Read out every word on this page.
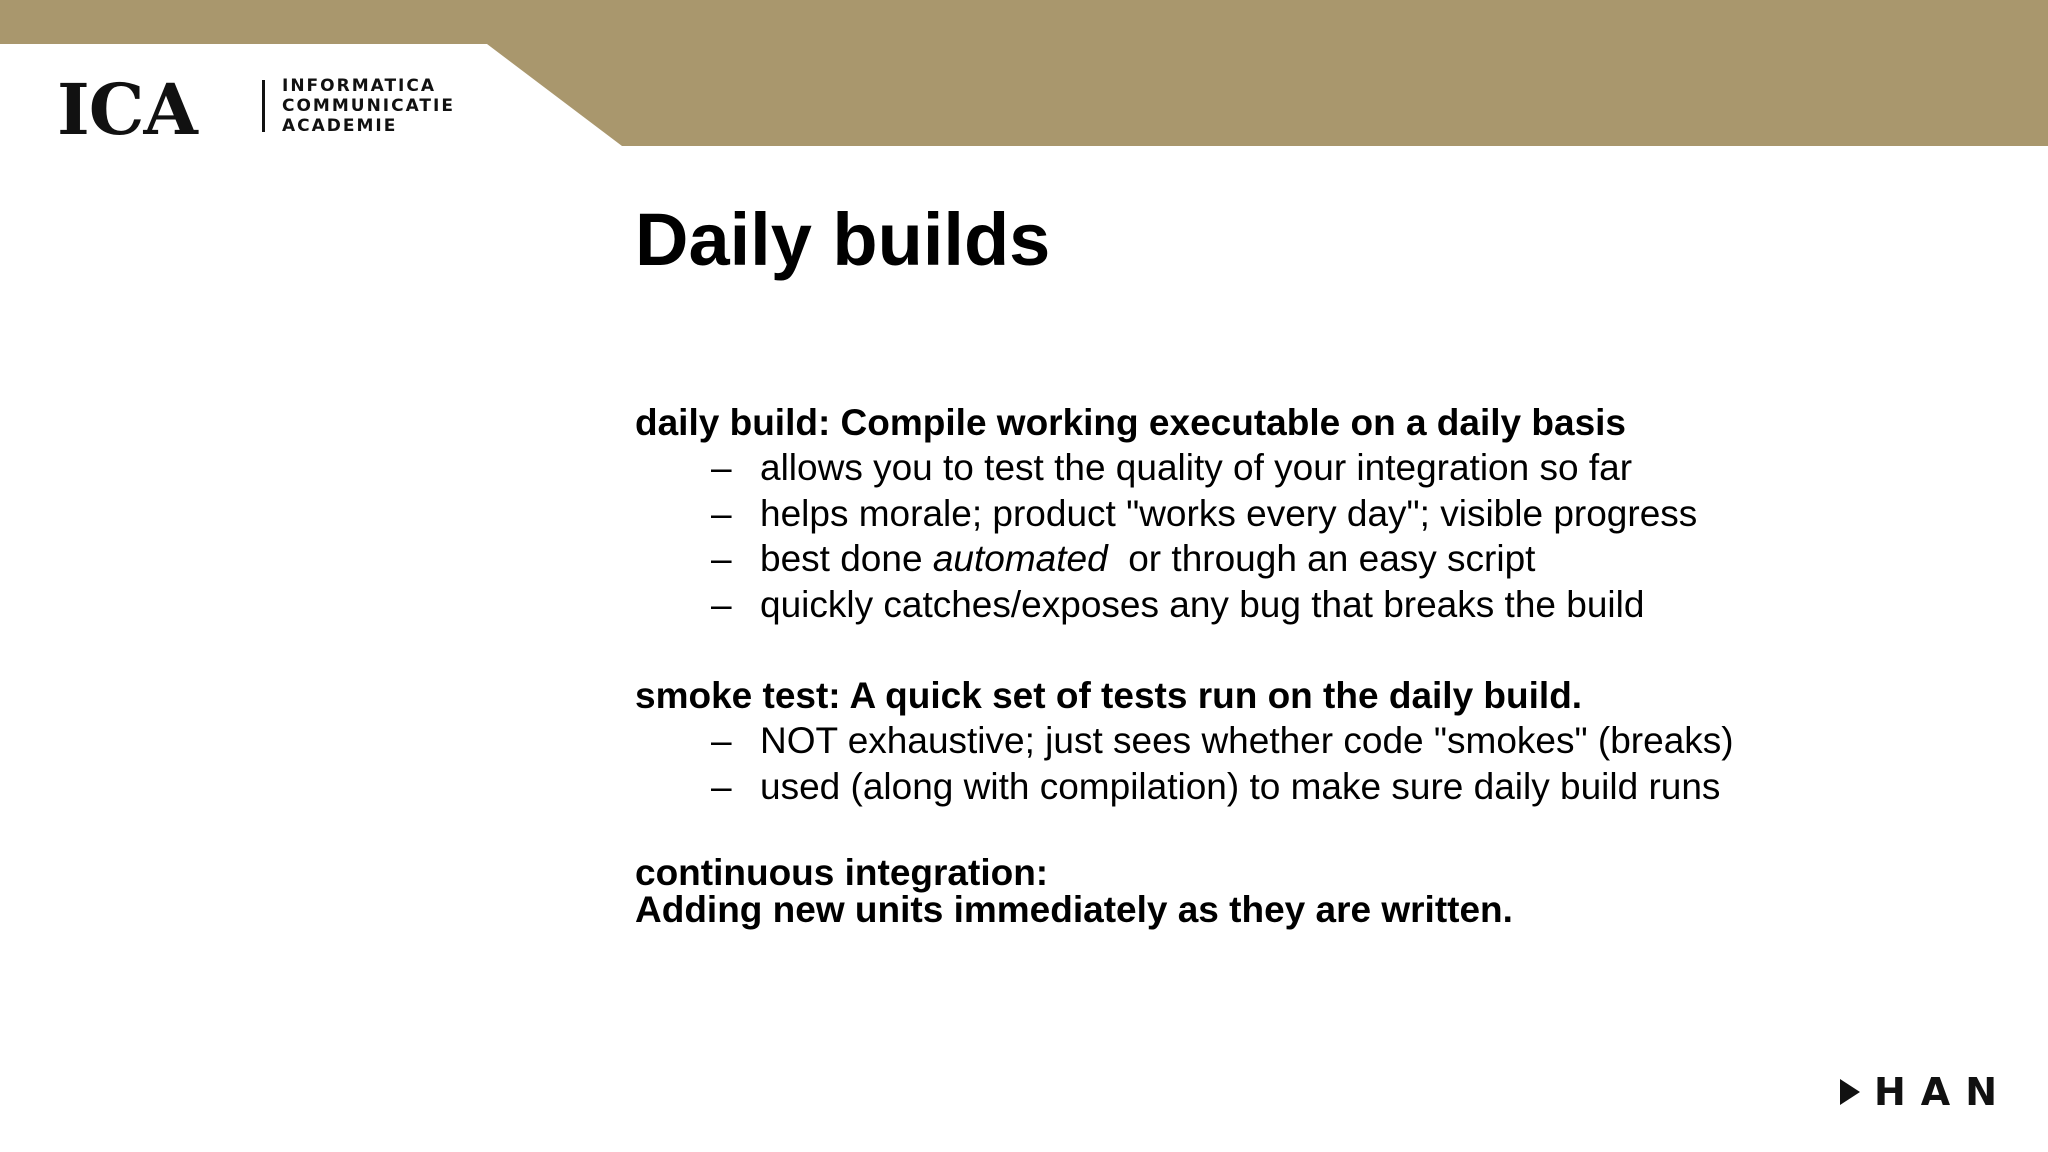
ICA	INFORMATICA
COMMUNICATIE
ACADEMIE
Daily builds

daily build: Compile working executable on a daily basis

– allows you to test the quality of your integration so far
– helps morale; product "works every day"; visible progress
– best done automated  or through an easy script
– quickly catches/exposes any bug that breaks the build

smoke test: A quick set of tests run on the daily build.

– NOT exhaustive; just sees whether code "smokes" (breaks)
– used (along with compilation) to make sure daily build runs

continuous integration:

Adding new units immediately as they are written.

HAN
